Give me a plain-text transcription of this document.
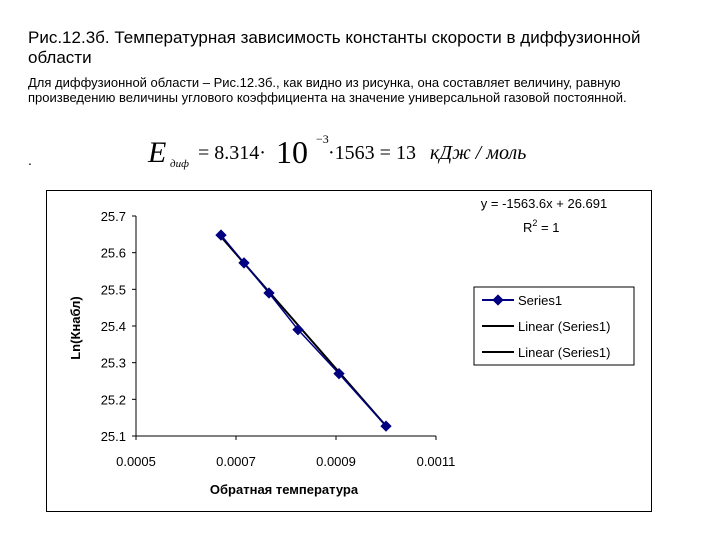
Рис.12.3б. Температурная зависимость константы скорости в диффузионной области
Для диффузионной области – Рис.12.3б., как видно из рисунка, она составляет величину, равную произведению величины углового коэффициента на значение универсальной газовой постоянной.
.	E диф = 8.314· 10 −3
·1563 = 13 кДж / моль
25.1
25.2
25.3
25.4
25.5
25.6
25.7
0.0005	0.0007	0.0009	0.0011
Обратная температура
Ln(Кнабл)
y = -1563.6x + 26.691
$R^2 = 1$
Series1
Linear (Series1)
Linear (Series1)
